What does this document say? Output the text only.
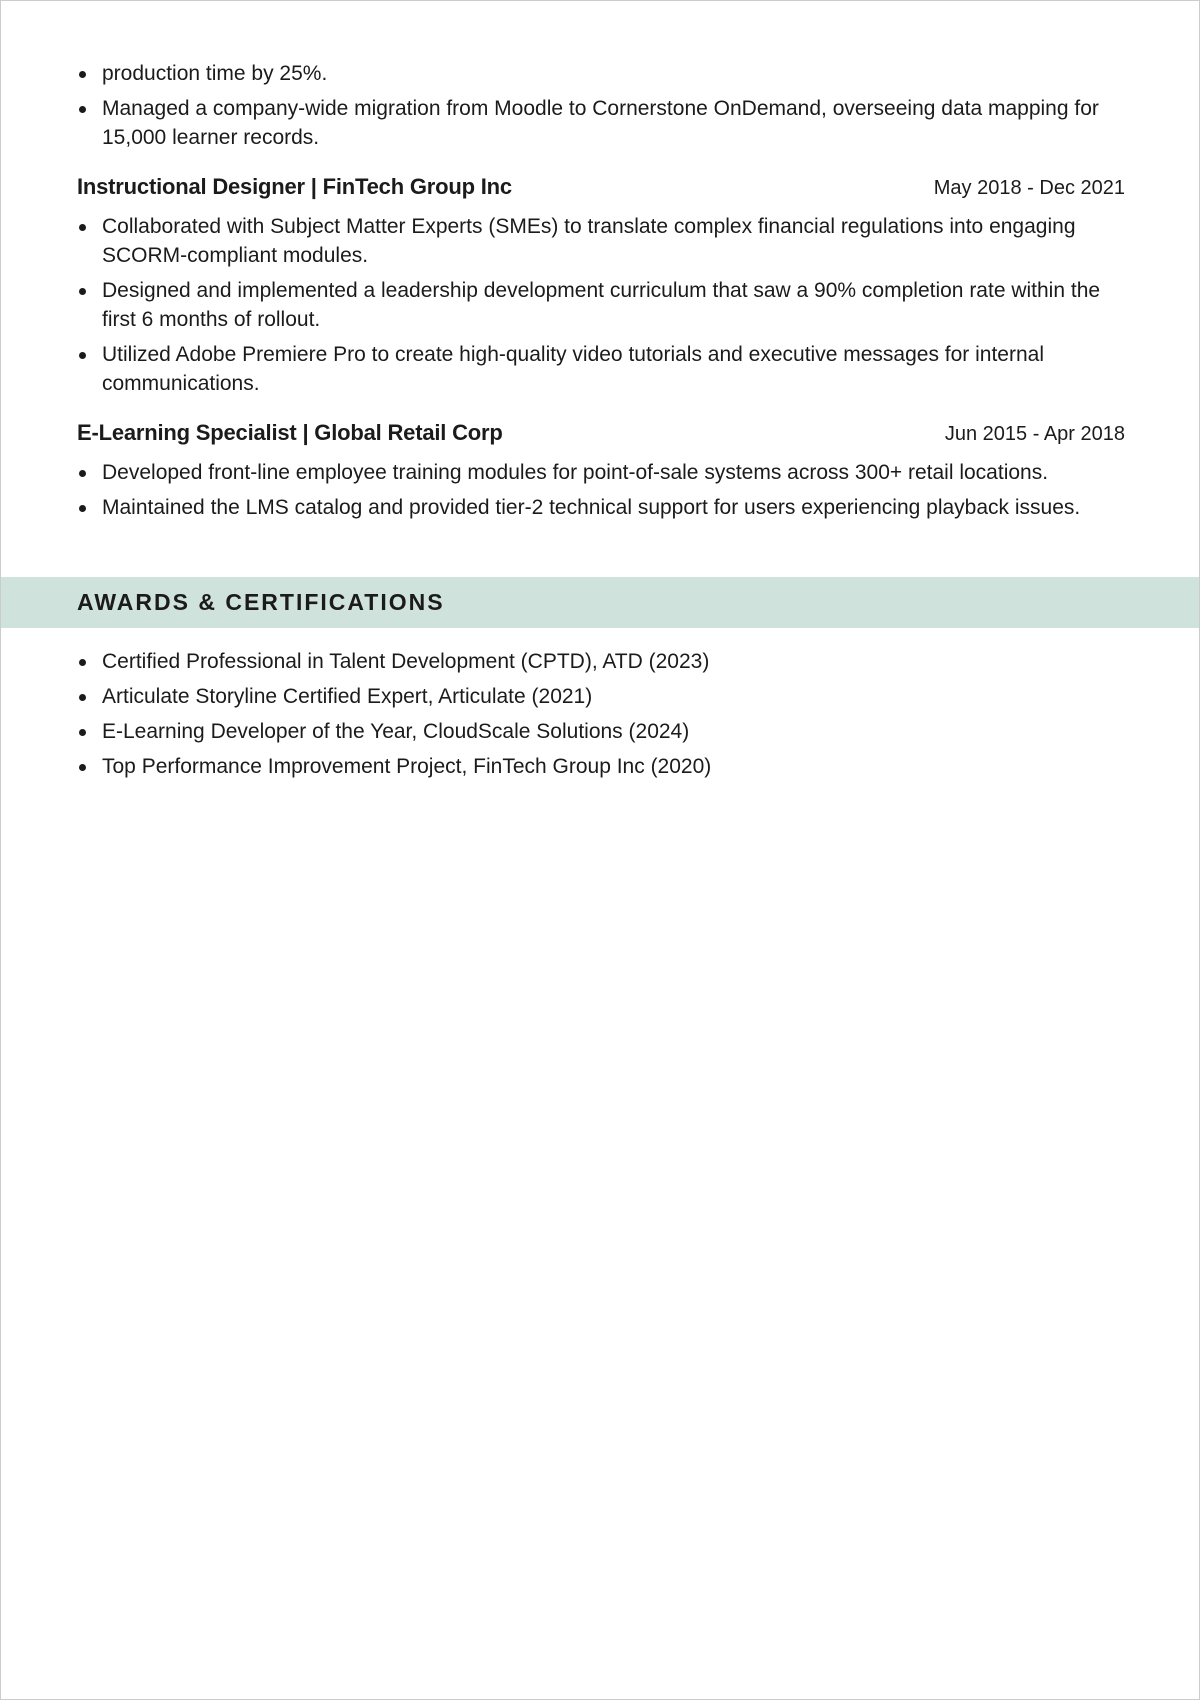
production time by 25%.
Managed a company-wide migration from Moodle to Cornerstone OnDemand, overseeing data mapping for 15,000 learner records.
Instructional Designer | FinTech Group Inc	May 2018 - Dec 2021
Collaborated with Subject Matter Experts (SMEs) to translate complex financial regulations into engaging SCORM-compliant modules.
Designed and implemented a leadership development curriculum that saw a 90% completion rate within the first 6 months of rollout.
Utilized Adobe Premiere Pro to create high-quality video tutorials and executive messages for internal communications.
E-Learning Specialist | Global Retail Corp	Jun 2015 - Apr 2018
Developed front-line employee training modules for point-of-sale systems across 300+ retail locations.
Maintained the LMS catalog and provided tier-2 technical support for users experiencing playback issues.
AWARDS & CERTIFICATIONS
Certified Professional in Talent Development (CPTD), ATD (2023)
Articulate Storyline Certified Expert, Articulate (2021)
E-Learning Developer of the Year, CloudScale Solutions (2024)
Top Performance Improvement Project, FinTech Group Inc (2020)
